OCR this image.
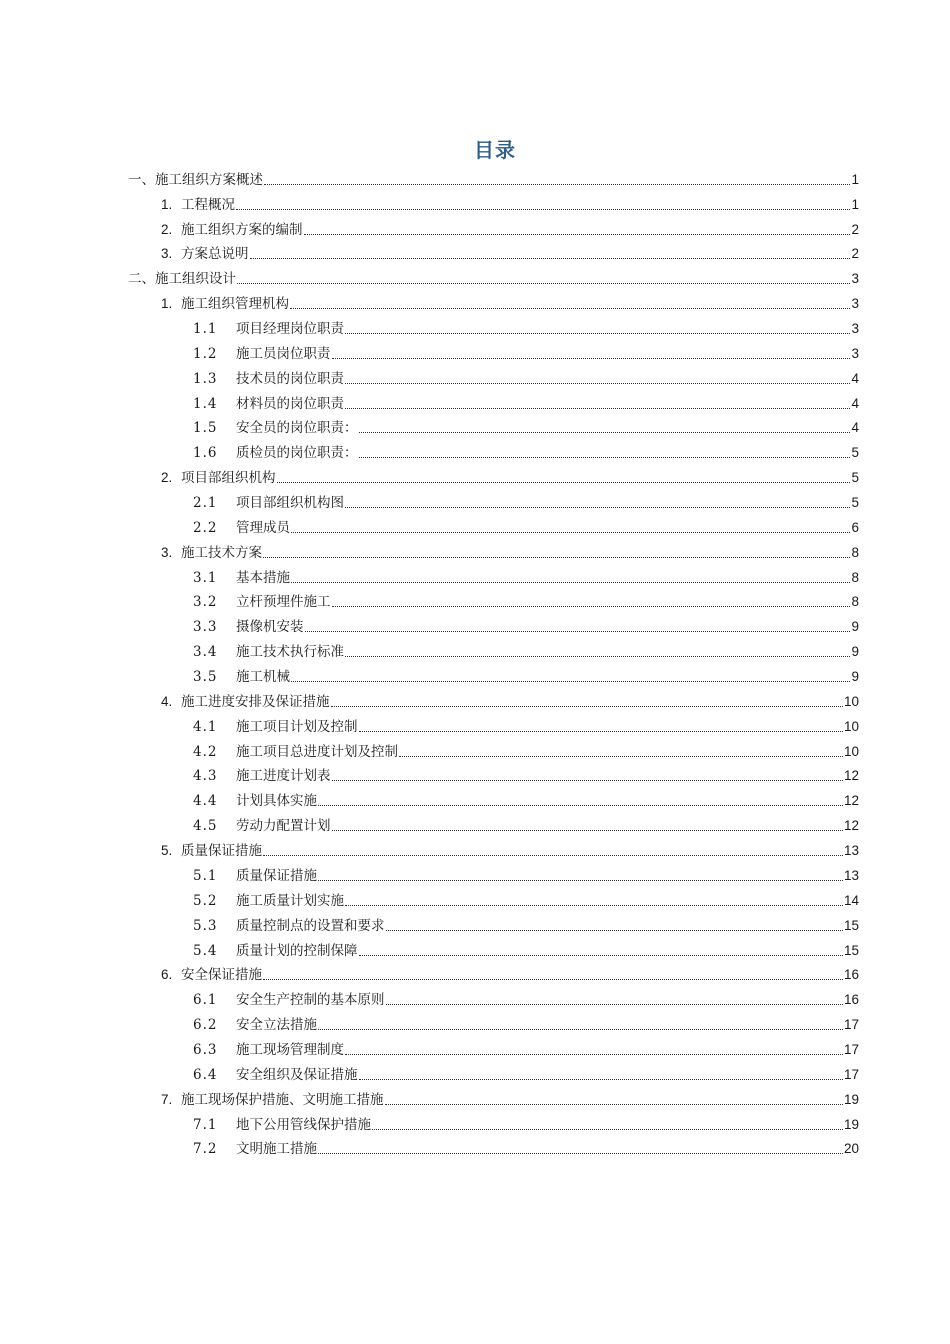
目录
一、施工组织方案概述	1
1. 工程概况	1
2. 施工组织方案的编制	2
3. 方案总说明	2
二、施工组织设计	3
1. 施工组织管理机构	3
1.1	项目经理岗位职责	3
1.2	施工员岗位职责	3
1.3	技术员的岗位职责	4
1.4	材料员的岗位职责	4
1.5	安全员的岗位职责：	4
1.6	质检员的岗位职责：	5
2. 项目部组织机构	5
2.1	项目部组织机构图	5
2.2	管理成员	6
3. 施工技术方案	8
3.1	基本措施	8
3.2	立杆预埋件施工	8
3.3	摄像机安装	9
3.4	施工技术执行标准	9
3.5	施工机械	9
4. 施工进度安排及保证措施	10
4.1	施工项目计划及控制	10
4.2	施工项目总进度计划及控制	10
4.3	施工进度计划表	12
4.4	计划具体实施	12
4.5	劳动力配置计划	12
5. 质量保证措施	13
5.1	质量保证措施	13
5.2	施工质量计划实施	14
5.3	质量控制点的设置和要求	15
5.4	质量计划的控制保障	15
6. 安全保证措施	16
6.1	安全生产控制的基本原则	16
6.2	安全立法措施	17
6.3	施工现场管理制度	17
6.4	安全组织及保证措施	17
7. 施工现场保护措施、文明施工措施	19
7.1	地下公用管线保护措施	19
7.2	文明施工措施	20
